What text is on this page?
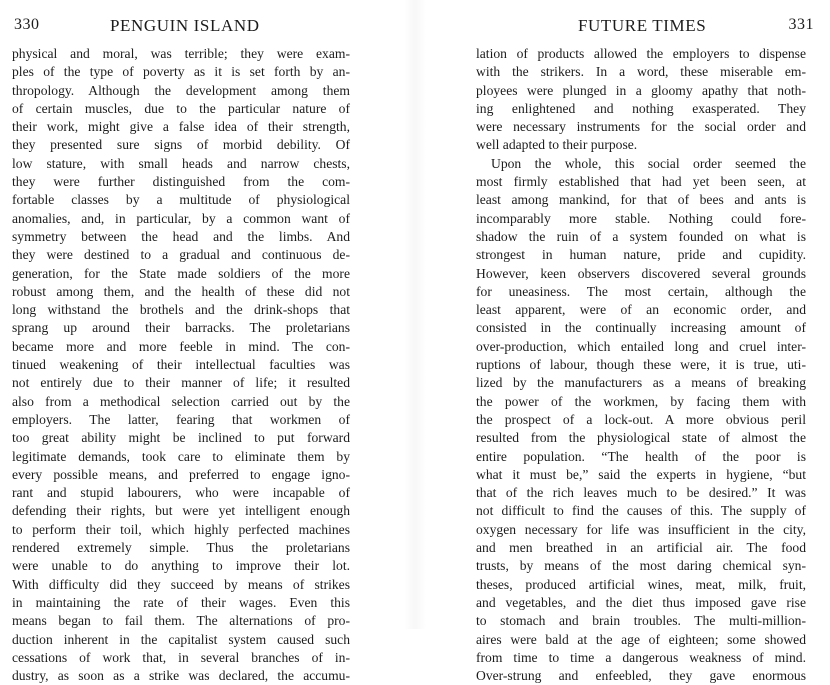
330	PENGUIN ISLAND
physical and moral, was terrible; they were exam-
ples of the type of poverty as it is set forth by an-
thropology. Although the development among them
of certain muscles, due to the particular nature of
their work, might give a false idea of their strength,
they presented sure signs of morbid debility. Of
low stature, with small heads and narrow chests,
they were further distinguished from the com-
fortable classes by a multitude of physiological
anomalies, and, in particular, by a common want of
symmetry between the head and the limbs. And
they were destined to a gradual and continuous de-
generation, for the State made soldiers of the more
robust among them, and the health of these did not
long withstand the brothels and the drink-shops that
sprang up around their barracks. The proletarians
became more and more feeble in mind. The con-
tinued weakening of their intellectual faculties was
not entirely due to their manner of life; it resulted
also from a methodical selection carried out by the
employers. The latter, fearing that workmen of
too great ability might be inclined to put forward
legitimate demands, took care to eliminate them by
every possible means, and preferred to engage igno-
rant and stupid labourers, who were incapable of
defending their rights, but were yet intelligent enough
to perform their toil, which highly perfected machines
rendered extremely simple. Thus the proletarians
were unable to do anything to improve their lot.
With difficulty did they succeed by means of strikes
in maintaining the rate of their wages. Even this
means began to fail them. The alternations of pro-
duction inherent in the capitalist system caused such
cessations of work that, in several branches of in-
dustry, as soon as a strike was declared, the accumu-
FUTURE TIMES	331
lation of products allowed the employers to dispense
with the strikers. In a word, these miserable em-
ployees were plunged in a gloomy apathy that noth-
ing enlightened and nothing exasperated. They
were necessary instruments for the social order and
well adapted to their purpose.
Upon the whole, this social order seemed the
most firmly established that had yet been seen, at
least among mankind, for that of bees and ants is
incomparably more stable. Nothing could fore-
shadow the ruin of a system founded on what is
strongest in human nature, pride and cupidity.
However, keen observers discovered several grounds
for uneasiness. The most certain, although the
least apparent, were of an economic order, and
consisted in the continually increasing amount of
over-production, which entailed long and cruel inter-
ruptions of labour, though these were, it is true, uti-
lized by the manufacturers as a means of breaking
the power of the workmen, by facing them with
the prospect of a lock-out. A more obvious peril
resulted from the physiological state of almost the
entire population. “The health of the poor is
what it must be,” said the experts in hygiene, “but
that of the rich leaves much to be desired.” It was
not difficult to find the causes of this. The supply of
oxygen necessary for life was insufficient in the city,
and men breathed in an artificial air. The food
trusts, by means of the most daring chemical syn-
theses, produced artificial wines, meat, milk, fruit,
and vegetables, and the diet thus imposed gave rise
to stomach and brain troubles. The multi-million-
aires were bald at the age of eighteen; some showed
from time to time a dangerous weakness of mind.
Over-strung and enfeebled, they gave enormous
